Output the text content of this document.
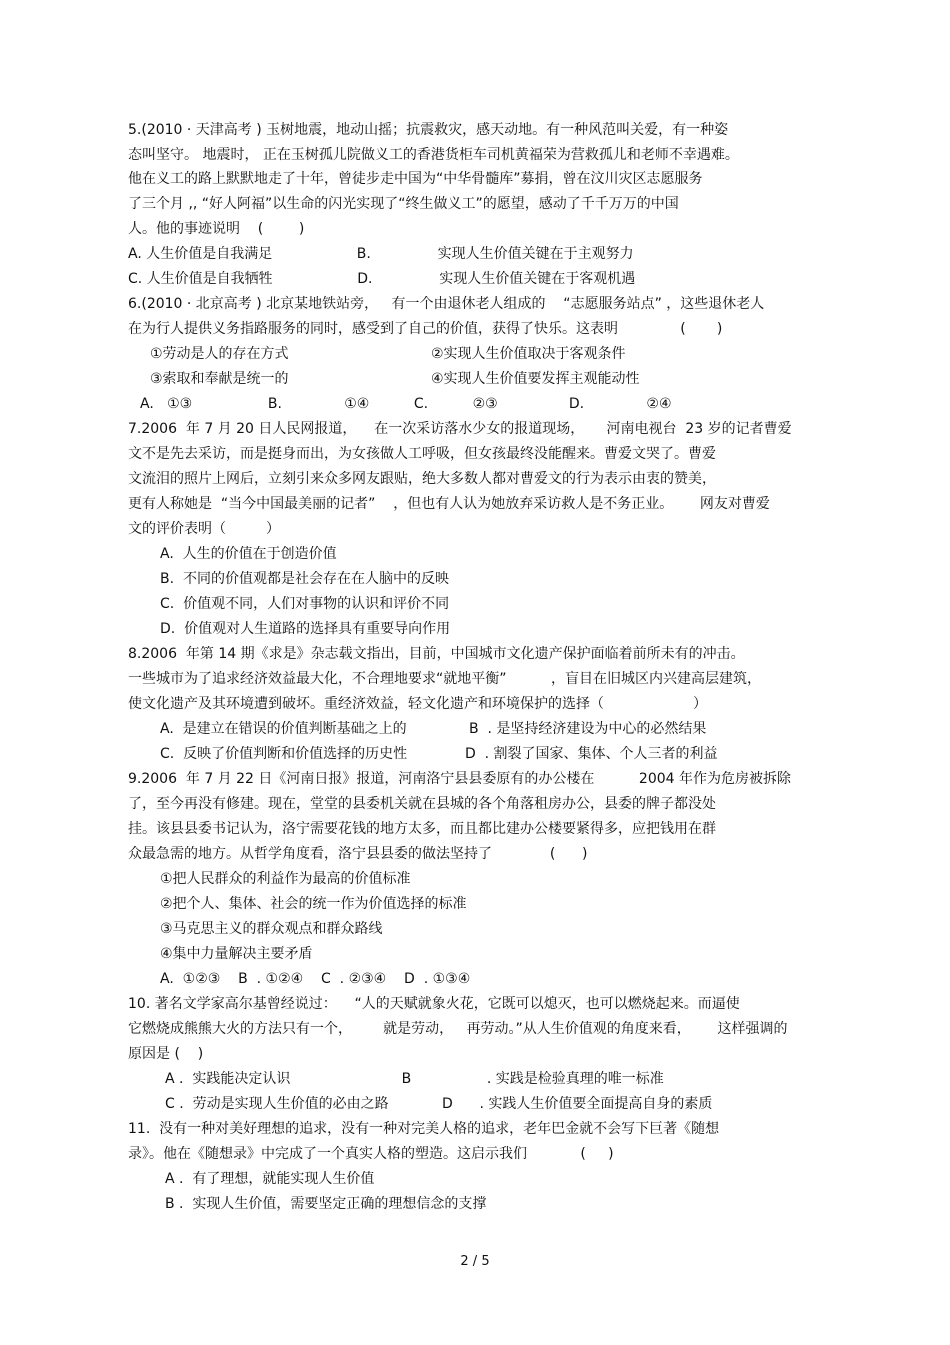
5.(2010 · 天津高考 ) 玉树地震，地动山摇；抗震救灾，感天动地。有一种风范叫关爱，有一种姿
态叫坚守。 地震时， 正在玉树孤儿院做义工的香港货柜车司机黄福荣为营救孤儿和老师不幸遇难。
他在义工的路上默默地走了十年，曾徒步走中国为“中华骨髓库”募捐，曾在汶川灾区志愿服务
了三个月 ,, “好人阿福”以生命的闪光实现了“终生做义工”的愿望，感动了千千万万的中国
人。他的事迹说明    (        )
A. 人生价值是自我满足                   B.               实现人生价值关键在于主观努力
C. 人生价值是自我牺牲                   D.               实现人生价值关键在于客观机遇
6.(2010 · 北京高考 ) 北京某地铁站旁，   有一个由退休老人组成的    “志愿服务站点” ，这些退休老人
在为行人提供义务指路服务的同时，感受到了自己的价值，获得了快乐。这表明              (       )
①劳动是人的存在方式                                ②实现人生价值取决于客观条件
③索取和奉献是统一的                                ④实现人生价值要发挥主观能动性
A.   ①③                 B.              ①④          C.          ②③                D.              ②④
7.2006  年 7 月 20 日人民网报道，    在一次采访落水少女的报道现场，     河南电视台  23 岁的记者曹爱
文不是先去采访，而是挺身而出，为女孩做人工呼吸，但女孩最终没能醒来。曹爱文哭了。曹爱
文流泪的照片上网后，立刻引来众多网友跟贴，绝大多数人都对曹爱文的行为表示由衷的赞美，
更有人称她是  “当今中国最美丽的记者”    ，但也有人认为她放弃采访救人是不务正业。      网友对曹爱
文的评价表明（         ）
A.  人生的价值在于创造价值
B.  不同的价值观都是社会存在在人脑中的反映
C.  价值观不同，人们对事物的认识和评价不同
D.  价值观对人生道路的选择具有重要导向作用
8.2006  年第 14 期《求是》杂志载文指出，目前，中国城市文化遗产保护面临着前所未有的冲击。
一些城市为了追求经济效益最大化，不合理地要求“就地平衡”          ，盲目在旧城区内兴建高层建筑，
使文化遗产及其环境遭到破坏。重经济效益，轻文化遗产和环境保护的选择（                    ）
A.  是建立在错误的价值判断基础之上的              B  . 是坚持经济建设为中心的必然结果
C.  反映了价值判断和价值选择的历史性             D  . 割裂了国家、集体、个人三者的利益
9.2006  年 7 月 22 日《河南日报》报道，河南洛宁县县委原有的办公楼在          2004 年作为危房被拆除
了，至今再没有修建。现在，堂堂的县委机关就在县城的各个角落租房办公，县委的牌子都没处
挂。该县县委书记认为，洛宁需要花钱的地方太多，而且都比建办公楼要紧得多，应把钱用在群
众最急需的地方。从哲学角度看，洛宁县县委的做法坚持了             (      )
①把人民群众的利益作为最高的价值标准
②把个人、集体、社会的统一作为价值选择的标准
③马克思主义的群众观点和群众路线
④集中力量解决主要矛盾
A.  ①②③    B  . ①②④    C  . ②③④    D  . ①③④
10. 著名文学家高尔基曾经说过：    “人的天赋就象火花，它既可以熄灭，也可以燃烧起来。而逼使
它燃烧成熊熊大火的方法只有一个，       就是劳动，   再劳动。”从人生价值观的角度来看，      这样强调的
原因是 (    )
A .  实践能决定认识                         B                 . 实践是检验真理的唯一标准
C .  劳动是实现人生价值的必由之路            D      . 实践人生价值要全面提高自身的素质
11.  没有一种对美好理想的追求，没有一种对完美人格的追求，老年巴金就不会写下巨著《随想
录》。他在《随想录》中完成了一个真实人格的塑造。这启示我们            (     )
A .  有了理想，就能实现人生价值
B .  实现人生价值，需要坚定正确的理想信念的支撑
2 / 5
